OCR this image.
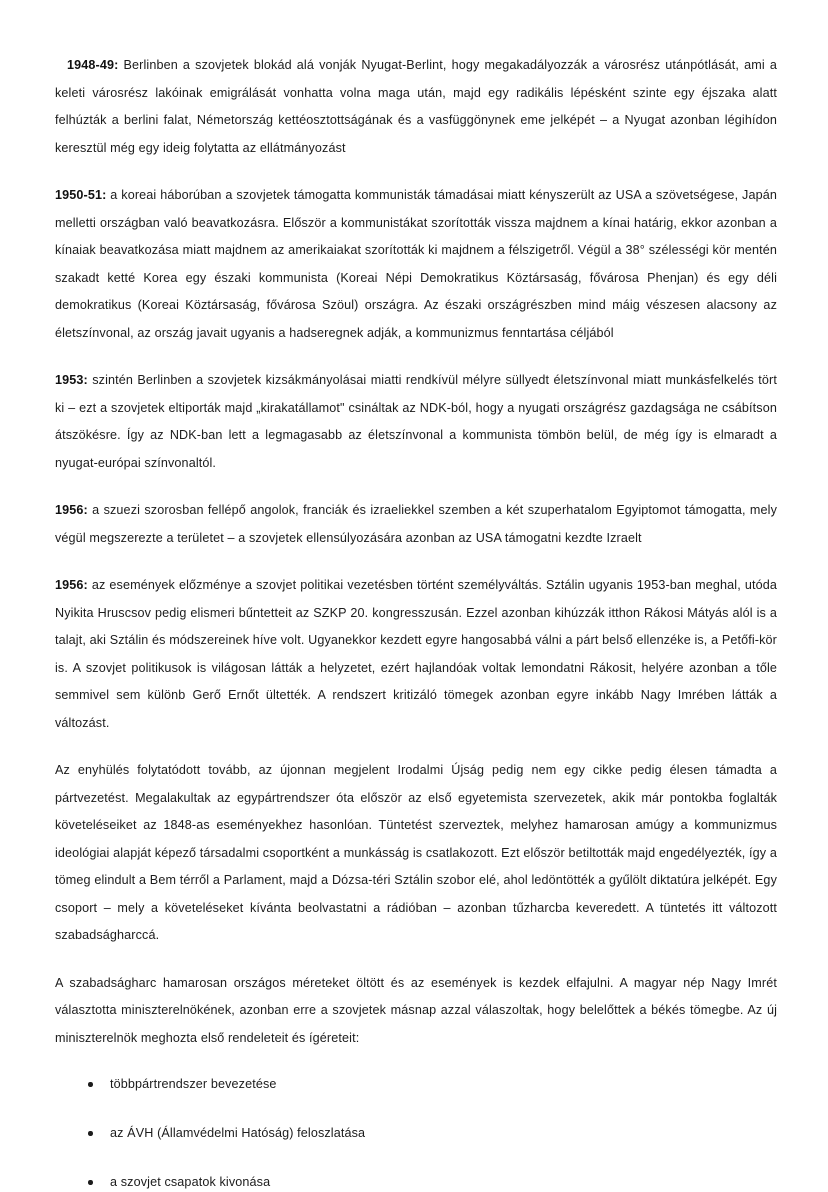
1948-49: Berlinben a szovjetek blokád alá vonják Nyugat-Berlint, hogy megakadályozzák a városrész utánpótlását, ami a keleti városrész lakóinak emigrálását vonhatta volna maga után, majd egy radikális lépésként szinte egy éjszaka alatt felhúzták a berlini falat, Németország kettéosztottságának és a vasfüggönynek eme jelképét – a Nyugat azonban légihídon keresztül még egy ideig folytatta az ellátmányozást

1950-51: a koreai háborúban a szovjetek támogatta kommunisták támadásai miatt kényszerült az USA a szövetségese, Japán melletti országban való beavatkozásra. Először a kommunistákat szorították vissza majdnem a kínai határig, ekkor azonban a kínaiak beavatkozása miatt majdnem az amerikaiakat szorították ki majdnem a félszigetről. Végül a 38° szélességi kör mentén szakadt ketté Korea egy északi kommunista (Koreai Népi Demokratikus Köztársaság, fővárosa Phenjan) és egy déli demokratikus (Koreai Köztársaság, fővárosa Szöul) országra. Az északi országrészben mind máig vészesen alacsony az életszínvonal, az ország javait ugyanis a hadseregnek adják, a kommunizmus fenntartása céljából

1953: szintén Berlinben a szovjetek kizsákmányolásai miatti rendkívül mélyre süllyedt életszínvonal miatt munkásfelkelés tört ki – ezt a szovjetek eltiporták majd „kirakatállamot" csináltak az NDK-ból, hogy a nyugati országrész gazdagsága ne csábítson átszökésre. Így az NDK-ban lett a legmagasabb az életszínvonal a kommunista tömbön belül, de még így is elmaradt a nyugat-európai színvonaltól.

1956: a szuezi szorosban fellépő angolok, franciák és izraeliekkel szemben a két szuperhatalom Egyiptomot támogatta, mely végül megszerezte a területet – a szovjetek ellensúlyozására azonban az USA támogatni kezdte Izraelt

1956: az események előzménye a szovjet politikai vezetésben történt személyváltás. Sztálin ugyanis 1953-ban meghal, utóda Nyikita Hruscsov pedig elismeri bűntetteit az SZKP 20. kongresszusán. Ezzel azonban kihúzzák itthon Rákosi Mátyás alól is a talajt, aki Sztálin és módszereinek híve volt. Ugyanekkor kezdett egyre hangosabbá válni a párt belső ellenzéke is, a Petőfi-kör is. A szovjet politikusok is világosan látták a helyzetet, ezért hajlandóak voltak lemondatni Rákosit, helyére azonban a tőle semmivel sem különb Gerő Ernőt ültették. A rendszert kritizáló tömegek azonban egyre inkább Nagy Imrében látták a változást.

Az enyhülés folytatódott tovább, az újonnan megjelent Irodalmi Újság pedig nem egy cikke pedig élesen támadta a pártvezetést. Megalakultak az egypártrendszer óta először az első egyetemista szervezetek, akik már pontokba foglalták követeléseiket az 1848-as eseményekhez hasonlóan. Tüntetést szerveztek, melyhez hamarosan amúgy a kommunizmus ideológiai alapját képező társadalmi csoportként a munkásság is csatlakozott. Ezt először betiltották majd engedélyezték, így a tömeg elindult a Bem térről a Parlament, majd a Dózsa-téri Sztálin szobor elé, ahol ledöntötték a gyűlölt diktatúra jelképét. Egy csoport – mely a követeléseket kívánta beolvastatni a rádióban – azonban tűzharcba keveredett. A tüntetés itt változott szabadságharccá.

A szabadságharc hamarosan országos méreteket öltött és az események is kezdek elfajulni. A magyar nép Nagy Imrét választotta miniszterelnökének, azonban erre a szovjetek másnap azzal válaszoltak, hogy belelőttek a békés tömegbe. Az új miniszterelnök meghozta első rendeleteit és ígéreteit:

többpártrendszer bevezetése
az ÁVH (Államvédelmi Hatóság) feloszlatása
a szovjet csapatok kivonása
